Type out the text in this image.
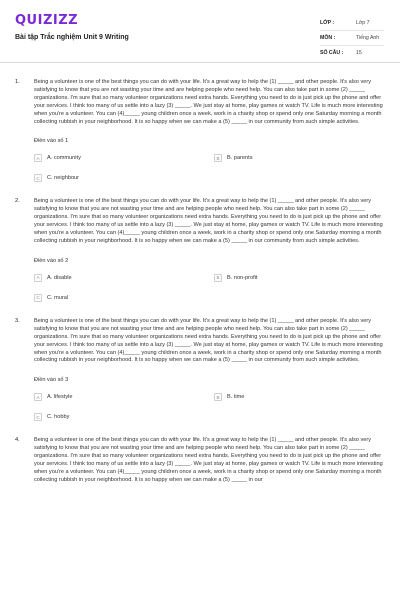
QUIZIZZ
Bài tập Trắc nghiệm Unit 9 Writing
LỚP :	Lớp 7
MÔN :	Tiếng Anh
SỐ CÂU :	15
1.	Being a volunteer is one of the best things you can do with your life. It's a great way to help the (1) _____ and other people. It's also very satisfying to know that you are not wasting your time and are helping people who need help. You can also take part in some (2) _____ organizations. I'm sure that so many volunteer organizations need extra hands. Everything you need to do is just pick up the phone and offer your services. I think too many of us settle into a lazy (3) _____. We just stay at home, play games or watch TV. Life is much more interesting when you're a volunteer. You can (4)_____ young children once a week, work in a charity shop or spend only one Saturday morning a month collecting rubbish in your neighborhood. It is so happy when we can make a (5) _____ in our community from such simple activities.
Điền vào số 1
A	A. community	B	B. parents
C	C. neighbour
2.	Being a volunteer is one of the best things you can do with your life. It's a great way to help the (1) _____ and other people. It's also very satisfying to know that you are not wasting your time and are helping people who need help. You can also take part in some (2) _____ organizations. I'm sure that so many volunteer organizations need extra hands. Everything you need to do is just pick up the phone and offer your services. I think too many of us settle into a lazy (3) _____. We just stay at home, play games or watch TV. Life is much more interesting when you're a volunteer. You can (4)_____ young children once a week, work in a charity shop or spend only one Saturday morning a month collecting rubbish in your neighborhood. It is so happy when we can make a (5) _____ in our community from such simple activities.
Điền vào số 2
A	A. disable	B	B. non-profit
C	C. mural
3.	Being a volunteer is one of the best things you can do with your life. It's a great way to help the (1) _____ and other people. It's also very satisfying to know that you are not wasting your time and are helping people who need help. You can also take part in some (2) _____ organizations. I'm sure that so many volunteer organizations need extra hands. Everything you need to do is just pick up the phone and offer your services. I think too many of us settle into a lazy (3) _____. We just stay at home, play games or watch TV. Life is much more interesting when you're a volunteer. You can (4)_____ young children once a week, work in a charity shop or spend only one Saturday morning a month collecting rubbish in your neighborhood. It is so happy when we can make a (5) _____ in our community from such simple activities.
Điền vào số 3
A	A. lifestyle	B	B. time
C	C. hobby
4.	Being a volunteer is one of the best things you can do with your life. It's a great way to help the (1) _____ and other people. It's also very satisfying to know that you are not wasting your time and are helping people who need help. You can also take part in some (2) _____ organizations. I'm sure that so many volunteer organizations need extra hands. Everything you need to do is just pick up the phone and offer your services. I think too many of us settle into a lazy (3) _____. We just stay at home, play games or watch TV. Life is much more interesting when you're a volunteer. You can (4)_____ young children once a week, work in a charity shop or spend only one Saturday morning a month collecting rubbish in your neighborhood. It is so happy when we can make a (5) _____ in our
